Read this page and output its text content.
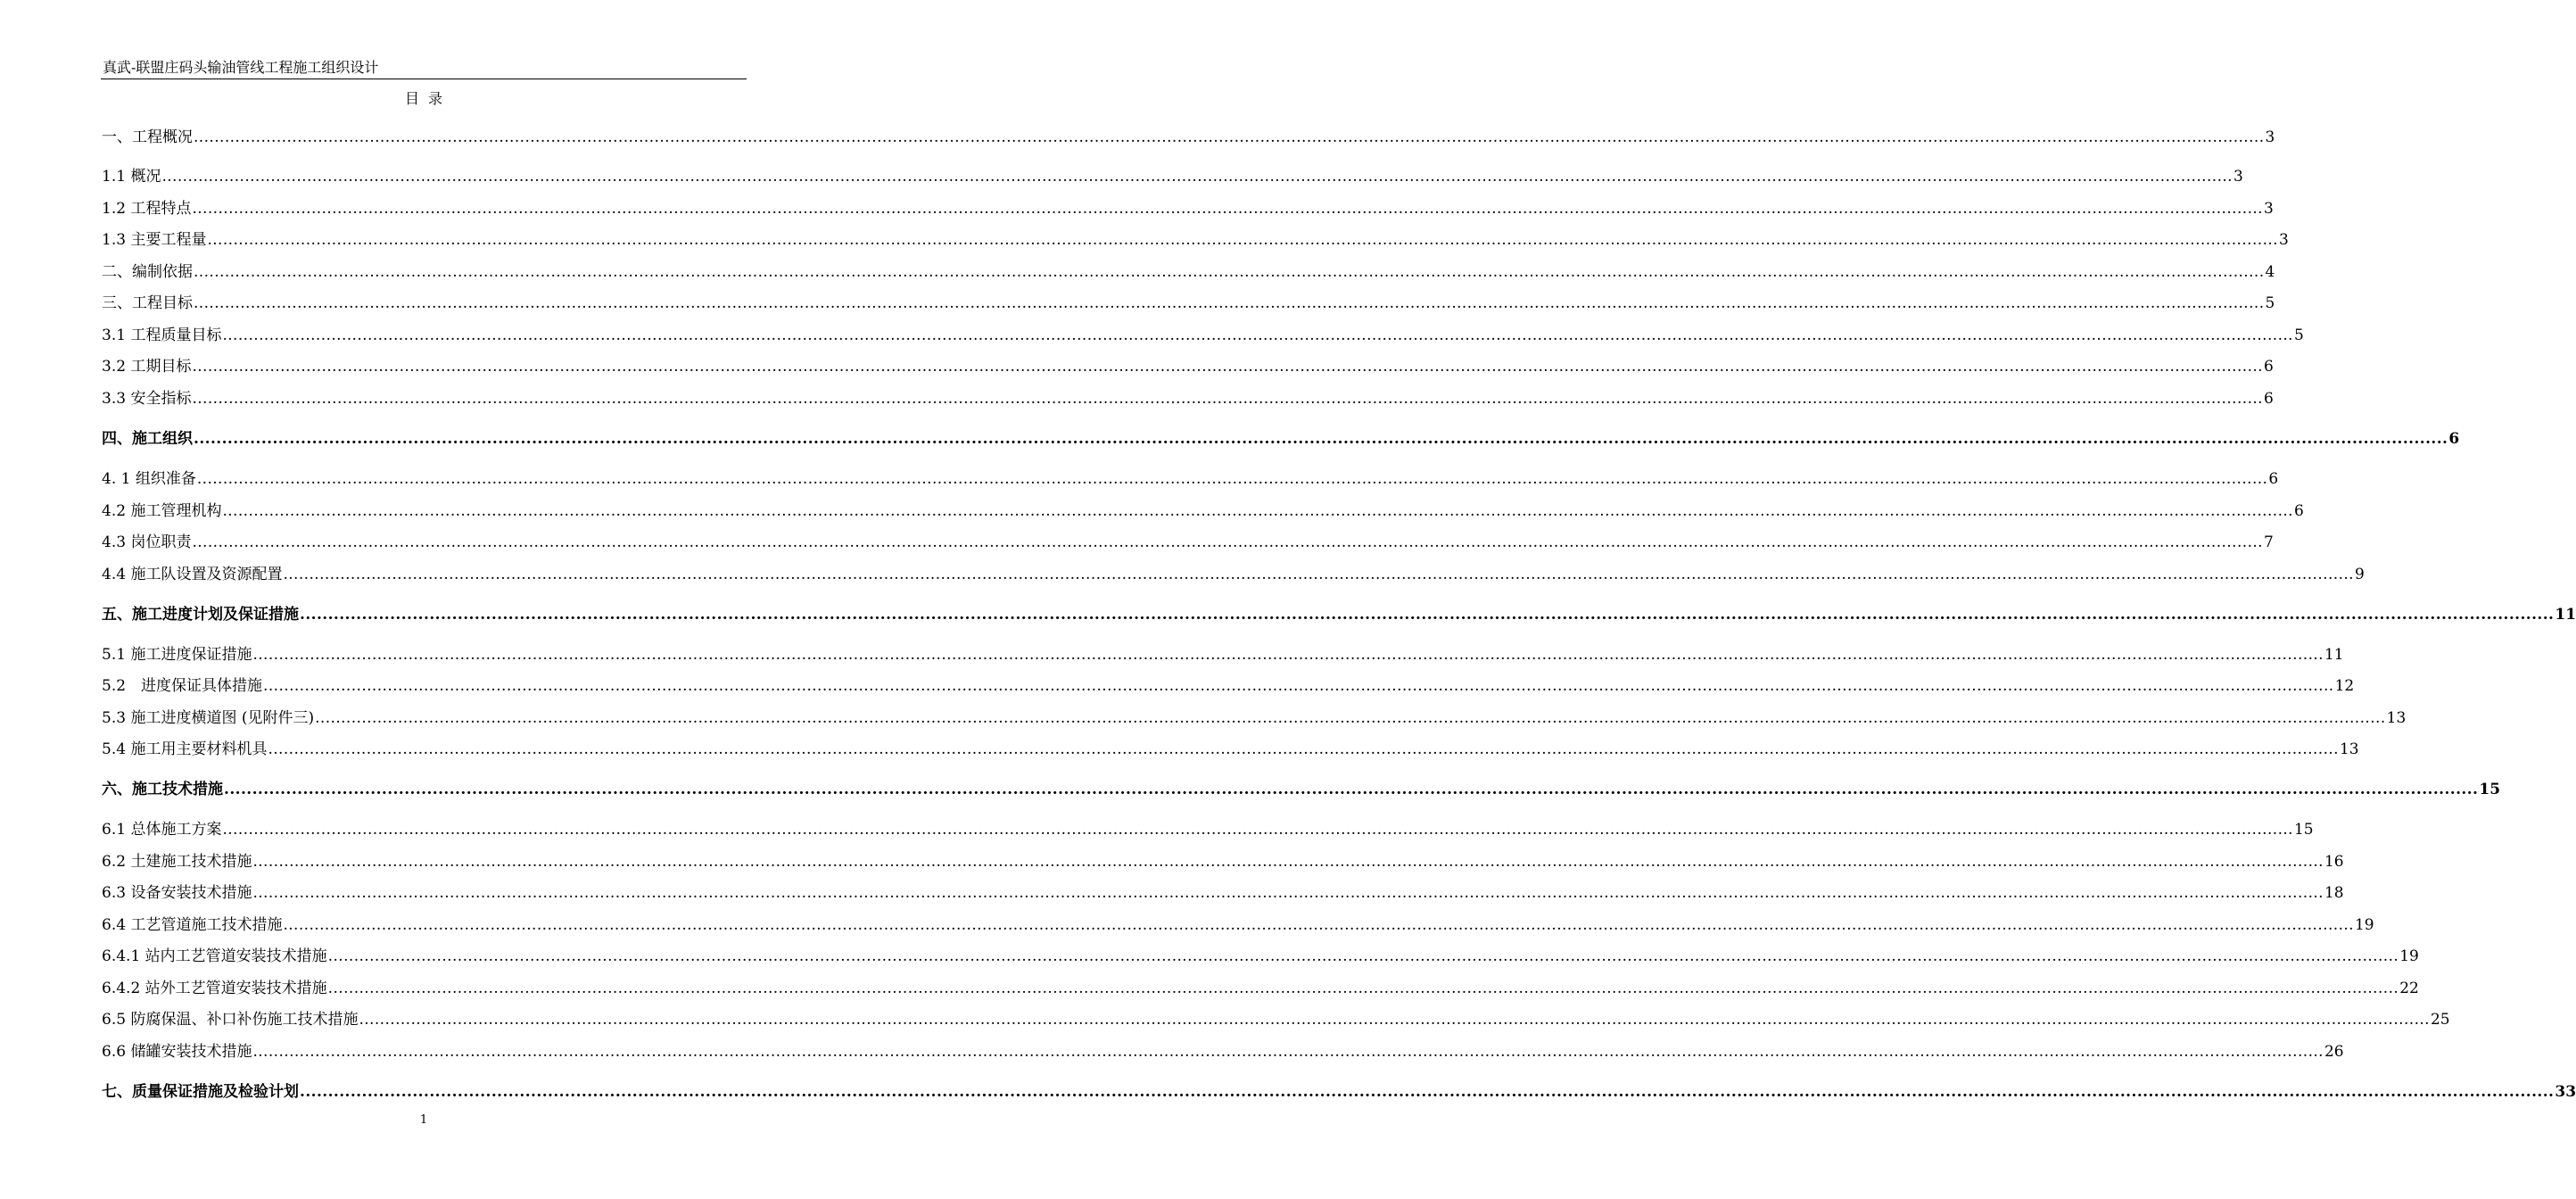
真武-联盟庄码头输油管线工程施工组织设计
目录
一、工程概况 ................................................................................................................................................................................................................................................................................................................................................................................................................ 3
1.1 概况 ................................................................................................................................................................................................................................................................................................................................................................................................................ 3
1.2 工程特点 ................................................................................................................................................................................................................................................................................................................................................................................................................ 3
1.3 主要工程量 ................................................................................................................................................................................................................................................................................................................................................................................................................ 3
二、编制依据 ................................................................................................................................................................................................................................................................................................................................................................................................................ 4
三、工程目标 ................................................................................................................................................................................................................................................................................................................................................................................................................ 5
3.1 工程质量目标 ................................................................................................................................................................................................................................................................................................................................................................................................................ 5
3.2 工期目标 ................................................................................................................................................................................................................................................................................................................................................................................................................ 6
3.3 安全指标 ................................................................................................................................................................................................................................................................................................................................................................................................................ 6
四、施工组织 ................................................................................................................................................................................................................................................................................................................................................................................................................ 6
4. 1 组织准备 ................................................................................................................................................................................................................................................................................................................................................................................................................ 6
4.2 施工管理机构 ................................................................................................................................................................................................................................................................................................................................................................................................................ 6
4.3 岗位职责 ................................................................................................................................................................................................................................................................................................................................................................................................................ 7
4.4 施工队设置及资源配置 ................................................................................................................................................................................................................................................................................................................................................................................................................ 9
五、施工进度计划及保证措施 ................................................................................................................................................................................................................................................................................................................................................................................................................ 11
5.1 施工进度保证措施 ................................................................................................................................................................................................................................................................................................................................................................................................................ 11
5.2　进度保证具体措施 ................................................................................................................................................................................................................................................................................................................................................................................................................ 12
5.3 施工进度横道图 (见附件三) ................................................................................................................................................................................................................................................................................................................................................................................................................ 13
5.4 施工用主要材料机具 ................................................................................................................................................................................................................................................................................................................................................................................................................ 13
六、施工技术措施 ................................................................................................................................................................................................................................................................................................................................................................................................................ 15
6.1 总体施工方案 ................................................................................................................................................................................................................................................................................................................................................................................................................ 15
6.2 土建施工技术措施 ................................................................................................................................................................................................................................................................................................................................................................................................................ 16
6.3 设备安装技术措施 ................................................................................................................................................................................................................................................................................................................................................................................................................ 18
6.4 工艺管道施工技术措施 ................................................................................................................................................................................................................................................................................................................................................................................................................ 19
6.4.1 站内工艺管道安装技术措施 ................................................................................................................................................................................................................................................................................................................................................................................................................ 19
6.4.2 站外工艺管道安装技术措施 ................................................................................................................................................................................................................................................................................................................................................................................................................ 22
6.5 防腐保温、补口补伤施工技术措施 ................................................................................................................................................................................................................................................................................................................................................................................................................ 25
6.6 储罐安装技术措施 ................................................................................................................................................................................................................................................................................................................................................................................................................ 26
七、质量保证措施及检验计划 ................................................................................................................................................................................................................................................................................................................................................................................................................ 33
1
